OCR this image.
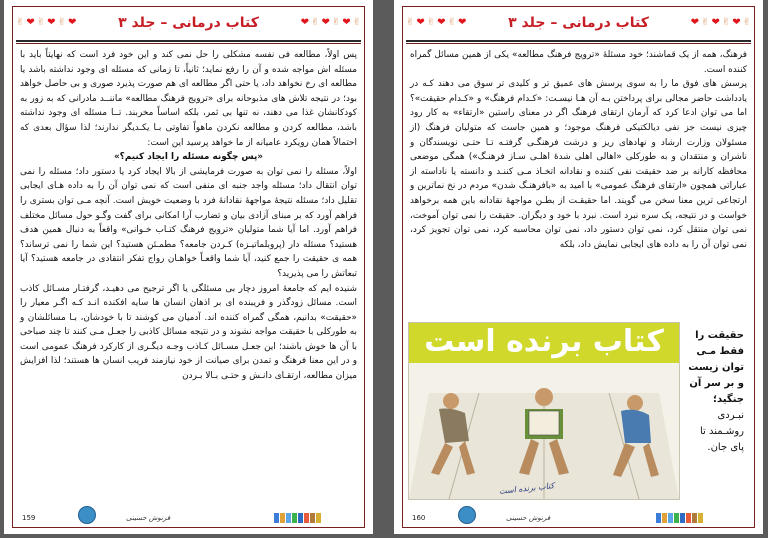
✌ ❤ ✌ ❤ ✌ ❤	کتاب درمانی – جلد ۳	❤ ✌ ❤ ✌ ❤ ✌

پس اولاً، مطالعه فی نفسه مشکلی را حل نمی کند و این خود فرد است که نهایتاً باید با مسئله اش مواجه شده و آن را رفع نماید؛ ثانیاً، تا زمانی که مسئله ای وجود نداشته باشد یا مطالعه ای رخ نخواهد داد، یا حتی اگر مطالعه ای هم صورت پذیرد صوری و بی حاصل خواهد بود؛ در نتیجه تلاش های مذبوحانه برای «ترویج فرهنگ مطالعه» ماننــد مادرانی که به زور به کودکانشان غذا می دهند، نه تنها بی ثمر، بلکه اساساً مخربند. تــا مسئله ای وجود نداشته باشد، مطالعه کردن و مطالعه نکردن ماهواً تفاوتی بـا یکـدیگر ندارند؛ لذا سؤال بعدی که احتمالاً همان رویکرد عامیانه از ما خواهد پرسید این است:

«پس چگونه مسئله را ایجاد کنیم؟»

اولاً، مسئله را نمی توان به صورت فرمایشی از بالا ایجاد کرد یا دستور داد؛ مسئله را نمی توان انتقال داد؛ مسئله واجد جنبه ای منفی است که نمی توان آن را به داده هـای ایجابی تقلیل داد؛ مسئله نتیجهٔ مواجههٔ نقادانهٔ فرد با وضعیت خویش است. آنچه مـی توان بستری را فراهم آورد که بر مبنای آزادی بیان و تضارب آرا امکانی برای گفت وگـو حول مسائل مختلف فراهم آورد. اما آیا شما متولیان «ترویج فرهنگ کتـاب خـوانی» واقعاً به دنبال همین هدف هستید؟ مسئله دار (پروبلماتیـزه) کـردن جامعه؟ مطمـئن هستید؟ این شما را نمی ترساند؟ همه ی حقیقت را جمع کنید، آیا شما واقعـاً خواهـان رواج تفکر انتقادی در جامعه هستید؟ آیا تبعاتش را می پذیرید؟

شنیده ایم که جامعهٔ امروز دچار بی مسئلگی یا اگر ترجیح می دهیـد، گرفتـار مسـائل کاذب است. مسائل زودگذر و فریبنده ای بر اذهان انسان ها سایه افکنده انـد کـه اگـر معیار را «حقیقت» بدانیم، همگی گمراه کننده اند. آدمیان می کوشند تا با خودشان، بـا مسائلشان و به طورکلی با حقیقت مواجه نشوند و در نتیجه مسائل کاذبی را جعـل مـی کنند تا چند صباحی با آن ها خوش باشند؛ این جعـل مسـائل کـاذب وجـه دیگـری از کارکرد فرهنگ عمومی است و در این معنا فرهنگ و تمدن برای صیانت از خود نیازمند فریب انسان ها هستند؛ لذا افزایش میزان مطالعه، ارتقـای دانـش و حتـی بـالا بـردن

159	فرنوش حسینی
✌ ❤ ✌ ❤ ✌ ❤	کتاب درمانی – جلد ۳	❤ ✌ ❤ ✌ ❤ ✌

فرهنگ، همه از یک قماشند؛ خود مسئلهٔ «ترویج فرهنگ مطالعه» یکی از همین مسائل گمراه کننده است.

پرسش های فوق ما را به سوی پرسش های عمیق تر و کلیدی تر سوق می دهند کـه در یادداشت حاضر مجالی برای پرداختن بـه آن هـا نیسـت: «کـدام فرهنگ» و «کـدام حقیقت»؟ اما می توان ادعا کرد که آرمان ارتقای فرهنگ اگر در معنای راستین «ارتقاء» به کار رود چیزی نیست جز نفی دیالکتیکی فرهنگ موجود؛ و همین جاست که متولیان فرهنگ (از مسئولان وزارت ارشاد و نهادهای ریز و درشت فرهنگـی گرفتـه تـا حتـی نویسندگان و ناشران و منتقدان و به طورکلی «اهالی اهلی شدهٔ اهلـی سـاز فرهنـگ») همگی موضعی محافظه کارانه بر ضد حقیقت نفی کننده و نقادانه اتخـاذ مـی کننـد و دانسته یا ناداسته از عباراتی همچون «ارتقای فرهنگ عمومی» با امید به «بافرهنـگ شدن» مردم در نخ نماترین و ارتجاعی ترین معنا سخن می گویند. اما حقیقـت از بطـن مواجههٔ نقادانه باین همه برخواهد خواست و در نتیجه، یک سره نبرد است. نبرد با خود و دیگران. حقیقت را نمی توان آموخت، نمی توان منتقل کرد، نمی توان دستور داد، نمی توان محاسبه کرد، نمی توان تجویز کرد، نمی توان آن را به داده های ایجابی نمایش داد، بلکه

کتاب برنده است
کتاب برنده است
حقیقت را
فقط مـی
توان زیست
و بر سر آن
جنگید؛
نبـردی
روشـمند تا
پای جان.
160	فرنوش حسینی
